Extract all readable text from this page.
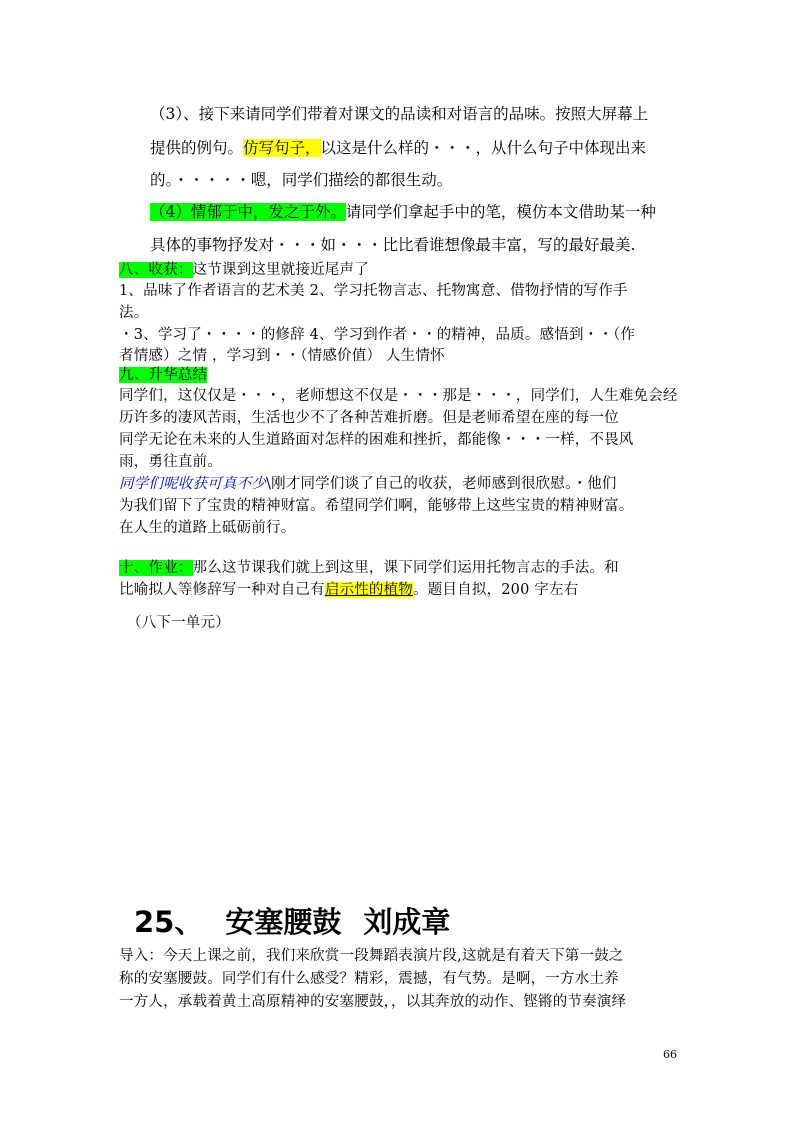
（3）、接下来请同学们带着对课文的品读和对语言的品味。按照大屏幕上

提供的例句。仿写句子，以这是什么样的・・・，从什么句子中体现出来

的。・・・・・嗯，同学们描绘的都很生动。

（4）情郁于中，发之于外。请同学们拿起手中的笔，模仿本文借助某一种

具体的事物抒发对・・・如・・・比比看谁想像最丰富，写的最好最美.

八、收获：这节课到这里就接近尾声了

1、品味了作者语言的艺术美 2、学习托物言志、托物寓意、借物抒情的写作手

法。

・3、学习了・・・・的修辞 4、学习到作者・・的精神，品质。感悟到・・（作

者情感）之情 ，学习到・・（情感价值） 人生情怀

九、升华总结

同学们，这仅仅是・・・，老师想这不仅是・・・那是・・・，同学们，人生难免会经

历许多的凄风苦雨，生活也少不了各种苦难折磨。但是老师希望在座的每一位

同学无论在未来的人生道路面对怎样的困难和挫折，都能像・・・一样，不畏风

雨，勇往直前。

同学们呢收获可真不少\刚才同学们谈了自己的收获，老师感到很欣慰。・他们

为我们留下了宝贵的精神财富。希望同学们啊，能够带上这些宝贵的精神财富。

在人生的道路上砥砺前行。

十、作业：那么这节课我们就上到这里，课下同学们运用托物言志的手法。和

比喻拟人等修辞写一种对自己有启示性的植物。题目自拟，200 字左右

（八下一单元）

25、 安塞腰鼓 刘成章

导入：今天上课之前，我们来欣赏一段舞蹈表演片段,这就是有着天下第一鼓之

称的安塞腰鼓。同学们有什么感受？精彩，震撼，有气势。是啊，一方水土养

一方人，承载着黄土高原精神的安塞腰鼓，，以其奔放的动作、铿锵的节奏演绎

66
